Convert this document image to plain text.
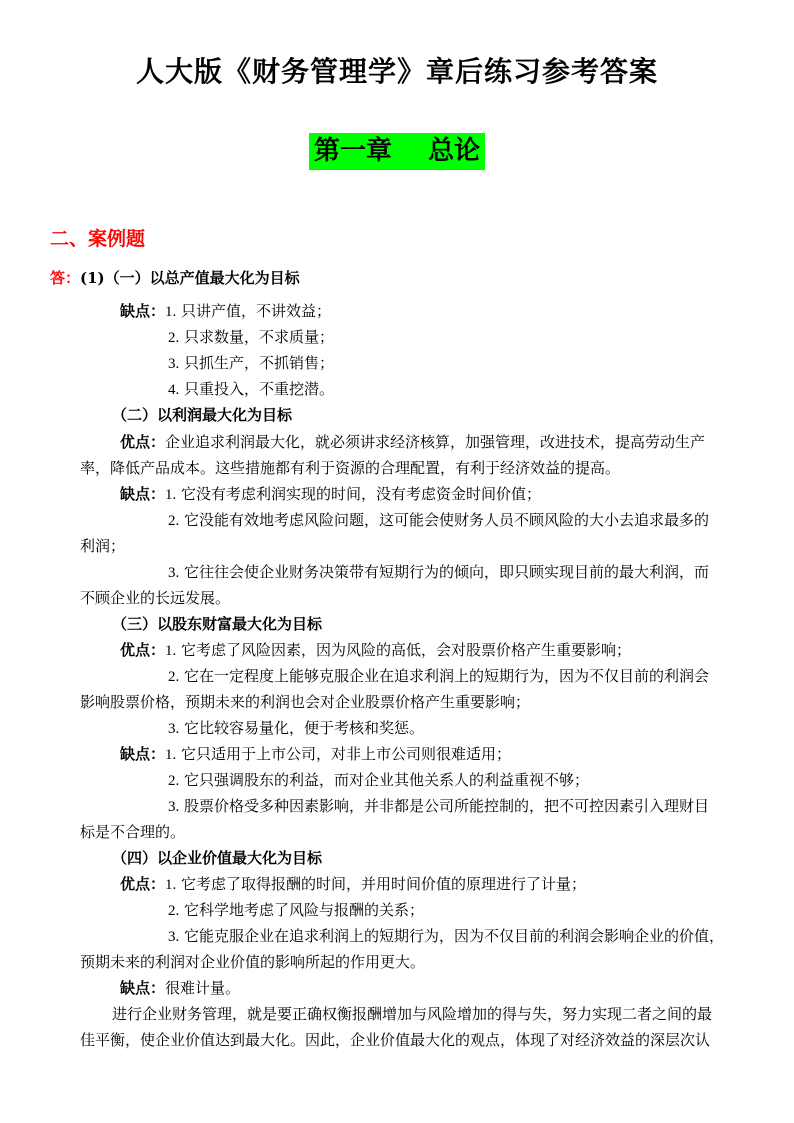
人大版《财务管理学》章后练习参考答案
第一章    总论
二、案例题
答：(1)（一）以总产值最大化为目标
缺点：1. 只讲产值，不讲效益；
2. 只求数量，不求质量；
3. 只抓生产，不抓销售；
4. 只重投入，不重挖潜。
（二）以利润最大化为目标
优点：企业追求利润最大化，就必须讲求经济核算，加强管理，改进技术，提高劳动生产
率，降低产品成本。这些措施都有利于资源的合理配置，有利于经济效益的提高。
缺点：1. 它没有考虑利润实现的时间，没有考虑资金时间价值；
2. 它没能有效地考虑风险问题，这可能会使财务人员不顾风险的大小去追求最多的
利润；
3. 它往往会使企业财务决策带有短期行为的倾向，即只顾实现目前的最大利润，而
不顾企业的长远发展。
（三）以股东财富最大化为目标
优点：1. 它考虑了风险因素，因为风险的高低，会对股票价格产生重要影响；
2. 它在一定程度上能够克服企业在追求利润上的短期行为，因为不仅目前的利润会
影响股票价格，预期未来的利润也会对企业股票价格产生重要影响；
3. 它比较容易量化，便于考核和奖惩。
缺点：1. 它只适用于上市公司，对非上市公司则很难适用；
2. 它只强调股东的利益，而对企业其他关系人的利益重视不够；
3. 股票价格受多种因素影响，并非都是公司所能控制的，把不可控因素引入理财目
标是不合理的。
（四）以企业价值最大化为目标
优点：1. 它考虑了取得报酬的时间，并用时间价值的原理进行了计量；
2. 它科学地考虑了风险与报酬的关系；
3. 它能克服企业在追求利润上的短期行为，因为不仅目前的利润会影响企业的价值，
预期未来的利润对企业价值的影响所起的作用更大。
缺点：很难计量。
进行企业财务管理，就是要正确权衡报酬增加与风险增加的得与失，努力实现二者之间的最
佳平衡，使企业价值达到最大化。因此，企业价值最大化的观点，体现了对经济效益的深层次认
